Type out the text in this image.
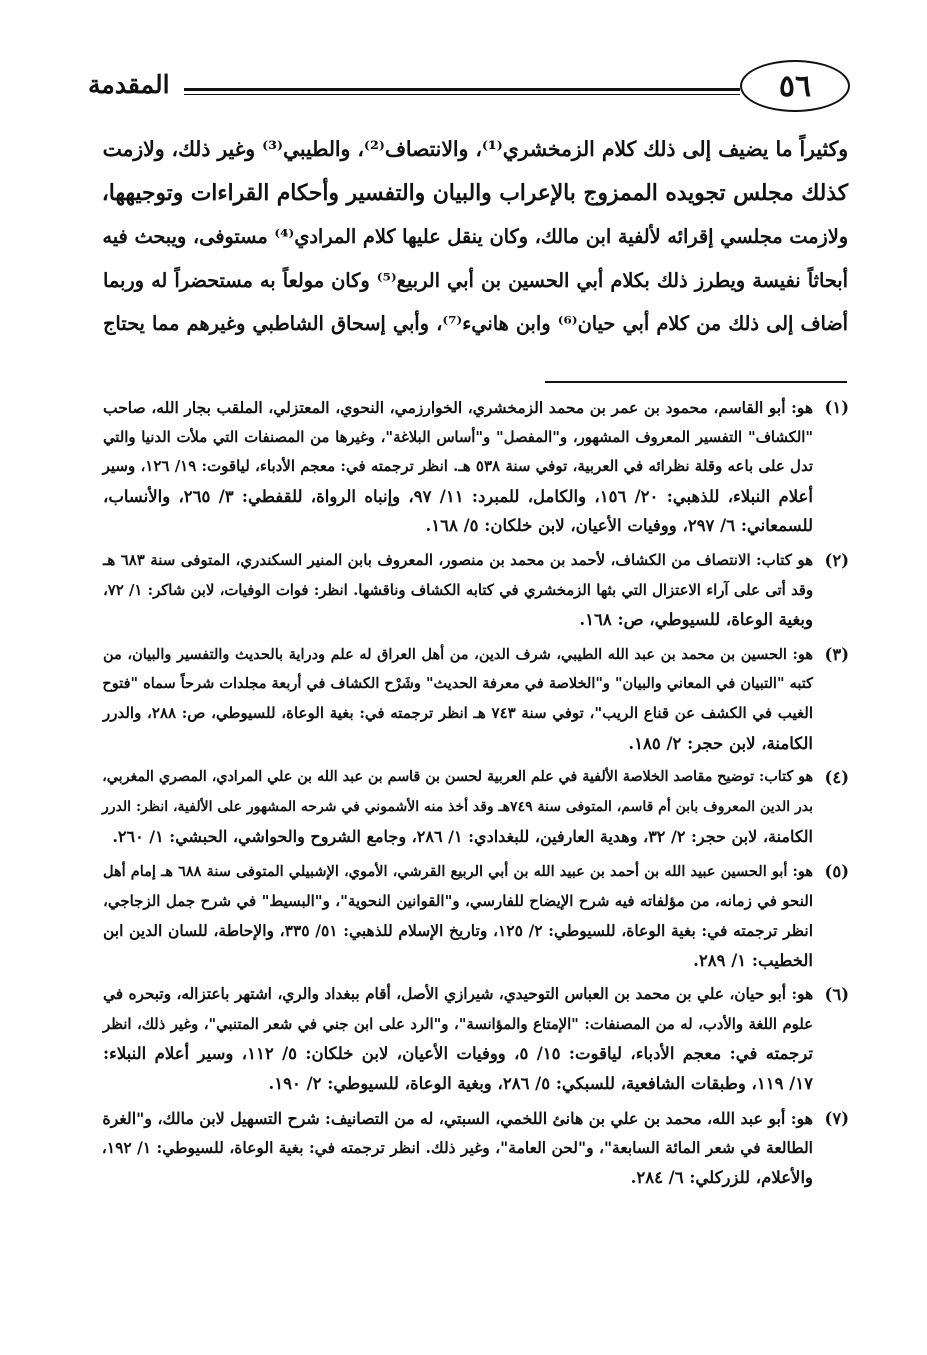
٥٦
المقدمة

وكثيراً ما يضيف إلى ذلك كلام الزمخشري⁽¹⁾، والانتصاف⁽²⁾، والطيبي⁽³⁾ وغير ذلك، ولازمت

كذلك مجلس تجويده الممزوج بالإعراب والبيان والتفسير وأحكام القراءات وتوجيهها،

ولازمت مجلسي إقرائه لألفية ابن مالك، وكان ينقل عليها كلام المرادي⁽⁴⁾ مستوفى، ويبحث فيه

أبحاثاً نفيسة ويطرز ذلك بكلام أبي الحسين بن أبي الربيع⁽⁵⁾ وكان مولعاً به مستحضراً له وربما

أضاف إلى ذلك من كلام أبي حيان⁽⁶⁾ وابن هانيء⁽⁷⁾، وأبي إسحاق الشاطبي وغيرهم مما يحتاج

(١)
هو: أبو القاسم، محمود بن عمر بن محمد الزمخشري، الخوارزمي، النحوي، المعتزلي، الملقب بجار الله، صاحب
"الكشاف" التفسير المعروف المشهور، و"المفصل" و"أساس البلاغة"، وغيرها من المصنفات التي ملأت الدنيا والتي
تدل على باعه وقلة نظرائه في العربية، توفي سنة ٥٣٨ هـ. انظر ترجمته في: معجم الأدباء، لياقوت: ١٩/ ١٢٦، وسير
أعلام النبلاء، للذهبي: ٢٠/ ١٥٦، والكامل، للمبرد: ١١/ ٩٧، وإنباه الرواة، للقفطي: ٣/ ٢٦٥، والأنساب،
للسمعاني: ٦/ ٢٩٧، ووفيات الأعيان، لابن خلكان: ٥/ ١٦٨.
(٢)
هو كتاب: الانتصاف من الكشاف، لأحمد بن محمد بن منصور، المعروف بابن المنير السكندري، المتوفى سنة ٦٨٣ هـ
وقد أتى على آراء الاعتزال التي بثها الزمخشري في كتابه الكشاف وناقشها. انظر: فوات الوفيات، لابن شاكر: ١/ ٧٢،
وبغية الوعاة، للسيوطي، ص: ١٦٨.
(٣)
هو: الحسين بن محمد بن عبد الله الطيبي، شرف الدين، من أهل العراق له علم ودراية بالحديث والتفسير والبيان، من
كتبه "التبيان في المعاني والبيان" و"الخلاصة في معرفة الحديث" وشَرْح الكشاف في أربعة مجلدات شرحاً سماه "فتوح
الغيب في الكشف عن قناع الريب"، توفي سنة ٧٤٣ هـ انظر ترجمته في: بغية الوعاة، للسيوطي، ص: ٢٨٨، والدرر
الكامنة، لابن حجر: ٢/ ١٨٥.
(٤)
هو كتاب: توضيح مقاصد الخلاصة الألفية في علم العربية لحسن بن قاسم بن عبد الله بن علي المرادي، المصري المغربي،
بدر الدين المعروف بابن أم قاسم، المتوفى سنة ٧٤٩هـ وقد أخذ منه الأشموني في شرحه المشهور على الألفية، انظر: الدرر
الكامنة، لابن حجر: ٢/ ٣٢، وهدية العارفين، للبغدادي: ١/ ٢٨٦، وجامع الشروح والحواشي، الحبشي: ١/ ٢٦٠.
(٥)
هو: أبو الحسين عبيد الله بن أحمد بن عبيد الله بن أبي الربيع القرشي، الأموي، الإشبيلي المتوفى سنة ٦٨٨ هـ إمام أهل
النحو في زمانه، من مؤلفاته فيه شرح الإيضاح للفارسي، و"القوانين النحوية"، و"البسيط" في شرح جمل الزجاجي،
انظر ترجمته في: بغية الوعاة، للسيوطي: ٢/ ١٢٥، وتاريخ الإسلام للذهبي: ٥١/ ٣٣٥، والإحاطة، للسان الدين ابن
الخطيب: ١/ ٢٨٩.
(٦)
هو: أبو حيان، علي بن محمد بن العباس التوحيدي، شيرازي الأصل، أقام ببغداد والري، اشتهر باعتزاله، وتبحره في
علوم اللغة والأدب، له من المصنفات: "الإمتاع والمؤانسة"، و"الرد على ابن جني في شعر المتنبي"، وغير ذلك، انظر
ترجمته في: معجم الأدباء، لياقوت: ١٥/ ٥، ووفيات الأعيان، لابن خلكان: ٥/ ١١٢، وسير أعلام النبلاء:
١٧/ ١١٩، وطبقات الشافعية، للسبكي: ٥/ ٢٨٦، وبغية الوعاة، للسيوطي: ٢/ ١٩٠.
(٧)
هو: أبو عبد الله، محمد بن علي بن هانئ اللخمي، السبتي، له من التصانيف: شرح التسهيل لابن مالك، و"الغرة
الطالعة في شعر المائة السابعة"، و"لحن العامة"، وغير ذلك. انظر ترجمته في: بغية الوعاة، للسيوطي: ١/ ١٩٢،
والأعلام، للزركلي: ٦/ ٢٨٤.
